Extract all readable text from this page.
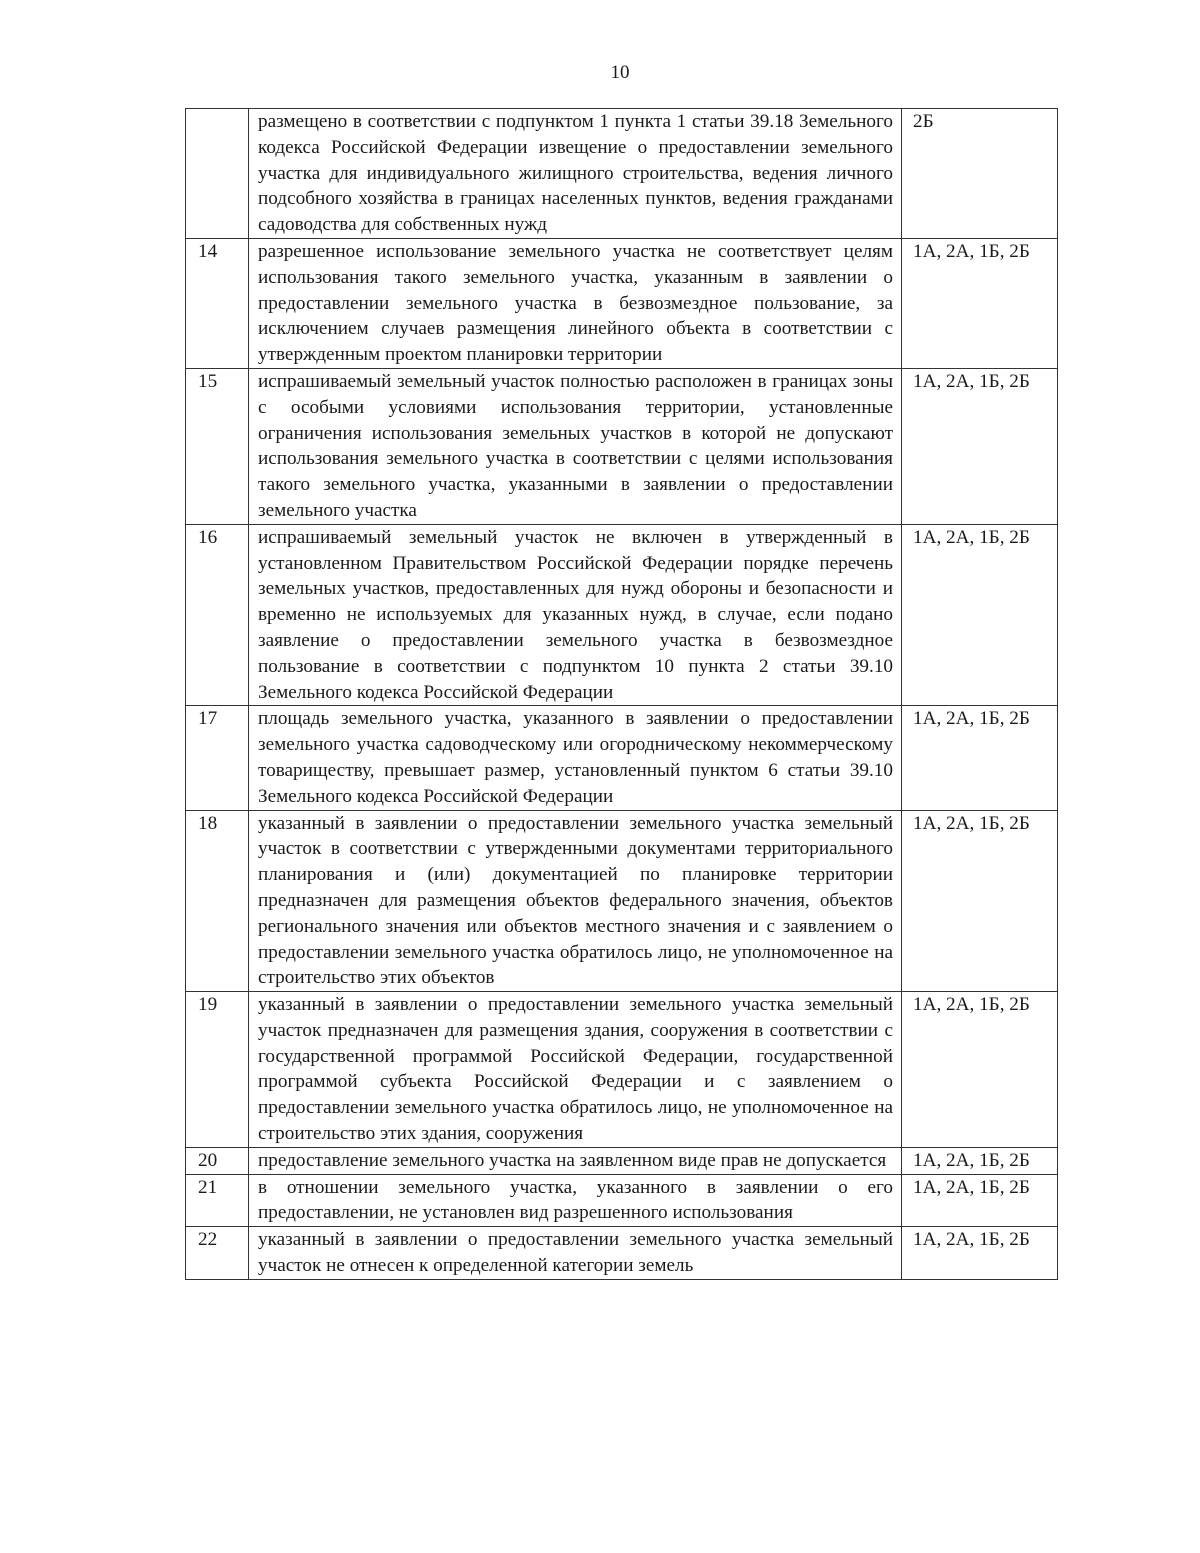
10
	размещено в соответствии с подпунктом 1 пункта 1 статьи 39.18 Земельного кодекса Российской Федерации извещение о предоставлении земельного участка для индивидуального жилищного строительства, ведения личного подсобного хозяйства в границах населенных пунктов, ведения гражданами садоводства для собственных нужд	2Б
14	разрешенное использование земельного участка не соответствует целям использования такого земельного участка, указанным в заявлении о предоставлении земельного участка в безвозмездное пользование, за исключением случаев размещения линейного объекта в соответствии с утвержденным проектом планировки территории	1А, 2А, 1Б, 2Б
15	испрашиваемый земельный участок полностью расположен в границах зоны с особыми условиями использования территории, установленные ограничения использования земельных участков в которой не допускают использования земельного участка в соответствии с целями использования такого земельного участка, указанными в заявлении о предоставлении земельного участка	1А, 2А, 1Б, 2Б
16	испрашиваемый земельный участок не включен в утвержденный в установленном Правительством Российской Федерации порядке перечень земельных участков, предоставленных для нужд обороны и безопасности и временно не используемых для указанных нужд, в случае, если подано заявление о предоставлении земельного участка в безвозмездное пользование в соответствии с подпунктом 10 пункта 2 статьи 39.10 Земельного кодекса Российской Федерации	1А, 2А, 1Б, 2Б
17	площадь земельного участка, указанного в заявлении о предоставлении земельного участка садоводческому или огородническому некоммерческому товариществу, превышает размер, установленный пунктом 6 статьи 39.10 Земельного кодекса Российской Федерации	1А, 2А, 1Б, 2Б
18	указанный в заявлении о предоставлении земельного участка земельный участок в соответствии с утвержденными документами территориального планирования и (или) документацией по планировке территории предназначен для размещения объектов федерального значения, объектов регионального значения или объектов местного значения и с заявлением о предоставлении земельного участка обратилось лицо, не уполномоченное на строительство этих объектов	1А, 2А, 1Б, 2Б
19	указанный в заявлении о предоставлении земельного участка земельный участок предназначен для размещения здания, сооружения в соответствии с государственной программой Российской Федерации, государственной программой субъекта Российской Федерации и с заявлением о предоставлении земельного участка обратилось лицо, не уполномоченное на строительство этих здания, сооружения	1А, 2А, 1Б, 2Б
20	предоставление земельного участка на заявленном виде прав не допускается	1А, 2А, 1Б, 2Б
21	в отношении земельного участка, указанного в заявлении о его предоставлении, не установлен вид разрешенного использования	1А, 2А, 1Б, 2Б
22	указанный в заявлении о предоставлении земельного участка земельный участок не отнесен к определенной категории земель	1А, 2А, 1Б, 2Б
